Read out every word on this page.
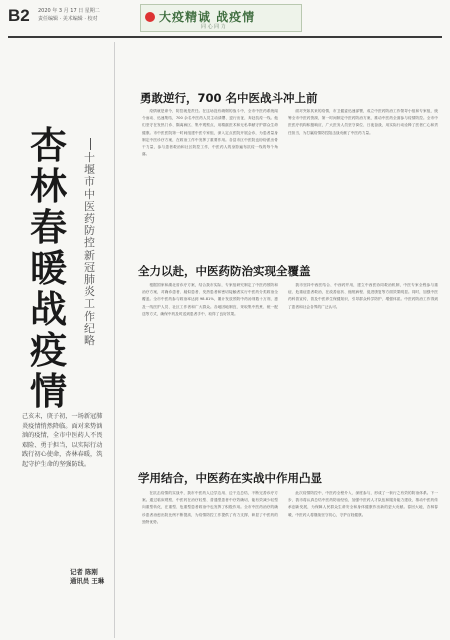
B2 2020 年 3 月 17 日 星期二
责任编辑 · 美术编辑 · 校对	大疫精诚 战疫情
同 心 同 力
杏林春暖战疫情
十堰市中医药防控新冠肺炎工作纪略
己亥末，庚子初，一场新冠肺炎疫情悄然降临。面对来势汹汹的疫情，全市中医药人不畏艰险、勇于担当，以实际行动践行初心使命，杏林春暖，筑起守护生命的坚强防线。
记者 陈刚　通讯员 王琳
勇敢逆行，700 名中医战斗冲上前

疫情就是命令，防控就是责任。在这场没有硝烟的战斗中，全市中医药系统闻令而动、迅速集结，700 余名中医药人员主动请缨、逆行出征，奔赴抗疫一线。他们坚守在发热门诊、隔离病区、集中观察点，用精湛医术和无私奉献守护群众生命健康。市中医医院第一时间组建中医专家组，深入定点医院开展会诊，为患者量身制定中医诊疗方案，在救治工作中发挥了重要作用。各县市区中医院也纷纷派出骨干力量，参与患者救治和社区防控工作，中医药人的身影遍布抗疫一线的每个角落。

面对突如其来的疫情，市卫健委迅速部署，成立中医药防治工作领导小组和专家组，统筹全市中医药资源，第一时间制定中医药防治方案，推动中医药全面参与疫情防控。全市中医医疗机构积极响应，广大医务人员坚守岗位、日夜奋战，用实际行动诠释了医者仁心和责任担当，为打赢疫情防控阻击战贡献了中医药力量。

全力以赴，中医药防治实现全覆盖

根据国家和湖北省诊疗方案，结合我市实际，专家组研究制定了中医药预防和治疗方案，对确诊患者、疑似患者、发热患者和密切接触者实行中医药分类救治全覆盖。全市中医药参与救治率达到 98.81%，累计发放预防中药汤剂数十万剂，惠及一线医护人员、社区工作者和广大群众。各地因地制宜，采取集中煎煮、统一配送等方式，确保中药及时送到患者手中，取得了良好效果。

我市坚持中西医结合、中西药并用，建立中西医协同救治机制，中医专家全程参与重症、危重症患者救治，在改善症状、缩短病程、促进康复等方面效果明显。同时，加强中医药科普宣传，普及中医养生保健知识，引导群众科学防护、增强体质。中医药防治工作得到了患者和社会各界的广泛认可。

学用结合，中医药在实战中作用凸显

在抗击疫情的实战中，我市中医药人边学边用、边干边总结，不断完善诊疗方案。通过临床观察，中医药在治疗轻型、普通型患者中疗效确切，能有效减少轻型向重型转化，在重型、危重型患者救治中也发挥了积极作用。全市中医药治疗的确诊患者治愈出院比例不断提高，为疫情防控工作提供了有力支撑，彰显了中医药的独特优势。

此次疫情防控中，中医药全程介入、深度参与，形成了一套行之有效的防治体系。下一步，我市将认真总结中医药防治经验，加强中医药人才队伍和服务能力建设，推动中医药传承创新发展，为保障人民群众生命安全和身体健康作出新的更大贡献。春回大地，杏林春暖，中医药人将继续坚守初心，守护百姓健康。
